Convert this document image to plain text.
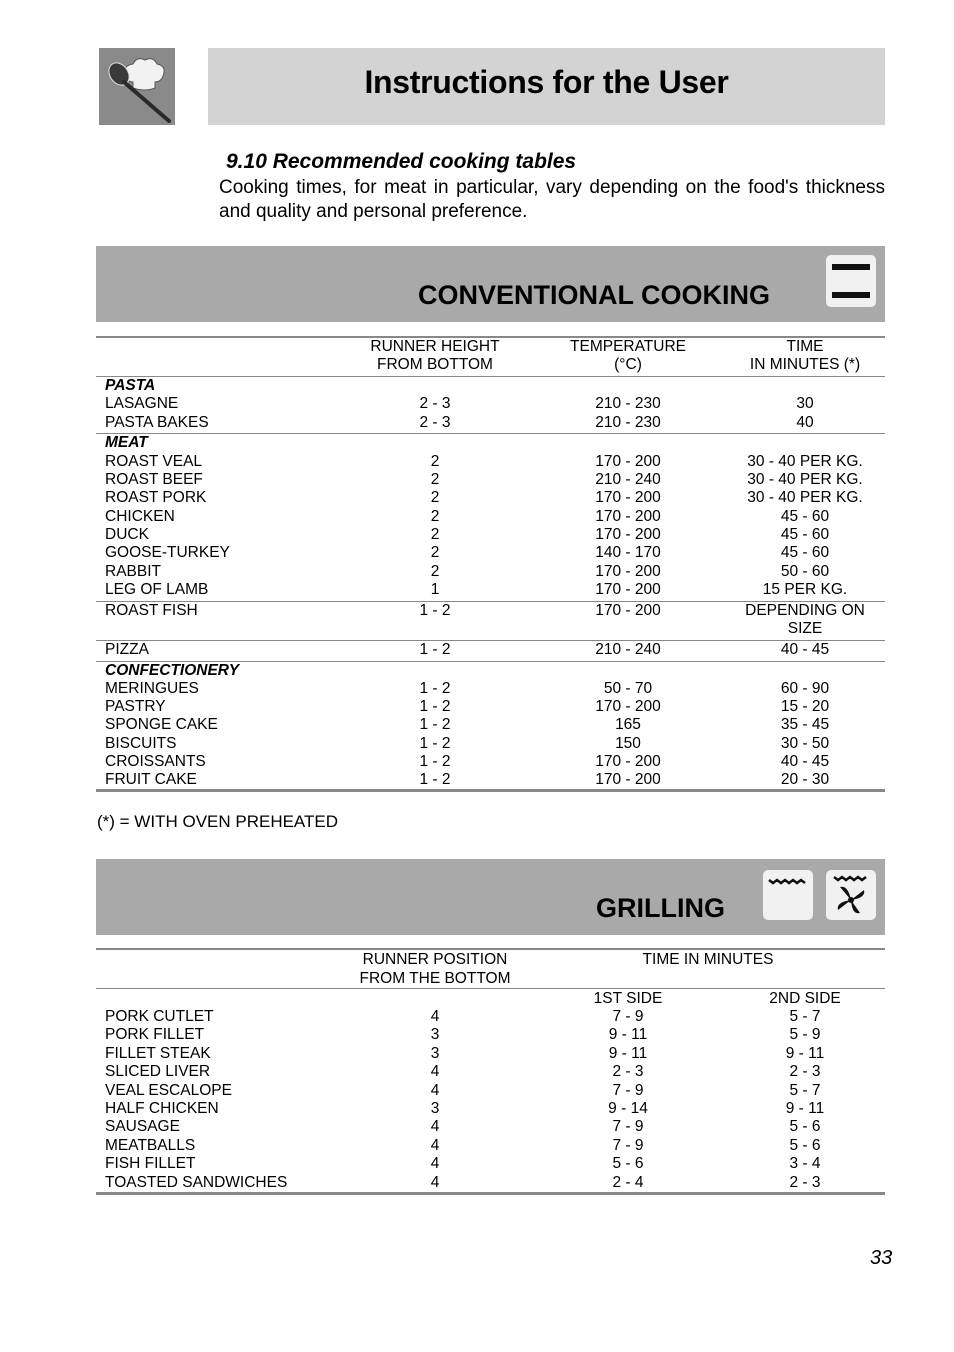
Instructions for the User
9.10 Recommended cooking tables
Cooking times, for meat in particular, vary depending on the food's thickness and quality and personal preference.
CONVENTIONAL COOKING
RUNNER HEIGHT
FROM BOTTOM
TEMPERATURE
(°C)
TIME
IN MINUTES (*)
PASTA
LASAGNE	2 - 3	210 - 230	30
PASTA BAKES	2 - 3	210 - 230	40
MEAT
ROAST VEAL	2	170 - 200	30 - 40 PER KG.
ROAST BEEF	2	210 - 240	30 - 40 PER KG.
ROAST PORK	2	170 - 200	30 - 40 PER KG.
CHICKEN	2	170 - 200	45 - 60
DUCK	2	170 - 200	45 - 60
GOOSE-TURKEY	2	140 - 170	45 - 60
RABBIT	2	170 - 200	50 - 60
LEG OF LAMB	1	170 - 200	15 PER KG.
ROAST FISH	1 - 2	170 - 200	DEPENDING ON
SIZE
PIZZA	1 - 2	210 - 240	40 - 45
CONFECTIONERY
MERINGUES	1 - 2	50 - 70	60 - 90
PASTRY	1 - 2	170 - 200	15 - 20
SPONGE CAKE	1 - 2	165	35 - 45
BISCUITS	1 - 2	150	30 - 50
CROISSANTS	1 - 2	170 - 200	40 - 45
FRUIT CAKE	1 - 2	170 - 200	20 - 30
(*) = WITH OVEN PREHEATED
GRILLING
RUNNER POSITION
FROM THE BOTTOM
TIME IN MINUTES
1ST SIDE	2ND SIDE
PORK CUTLET	4	7 - 9	5 - 7
PORK FILLET	3	9 - 11	5 - 9
FILLET STEAK	3	9 - 11	9 - 11
SLICED LIVER	4	2 - 3	2 - 3
VEAL ESCALOPE	4	7 - 9	5 - 7
HALF CHICKEN	3	9 - 14	9 - 11
SAUSAGE	4	7 - 9	5 - 6
MEATBALLS	4	7 - 9	5 - 6
FISH FILLET	4	5 - 6	3 - 4
TOASTED SANDWICHES	4	2 - 4	2 - 3
33
